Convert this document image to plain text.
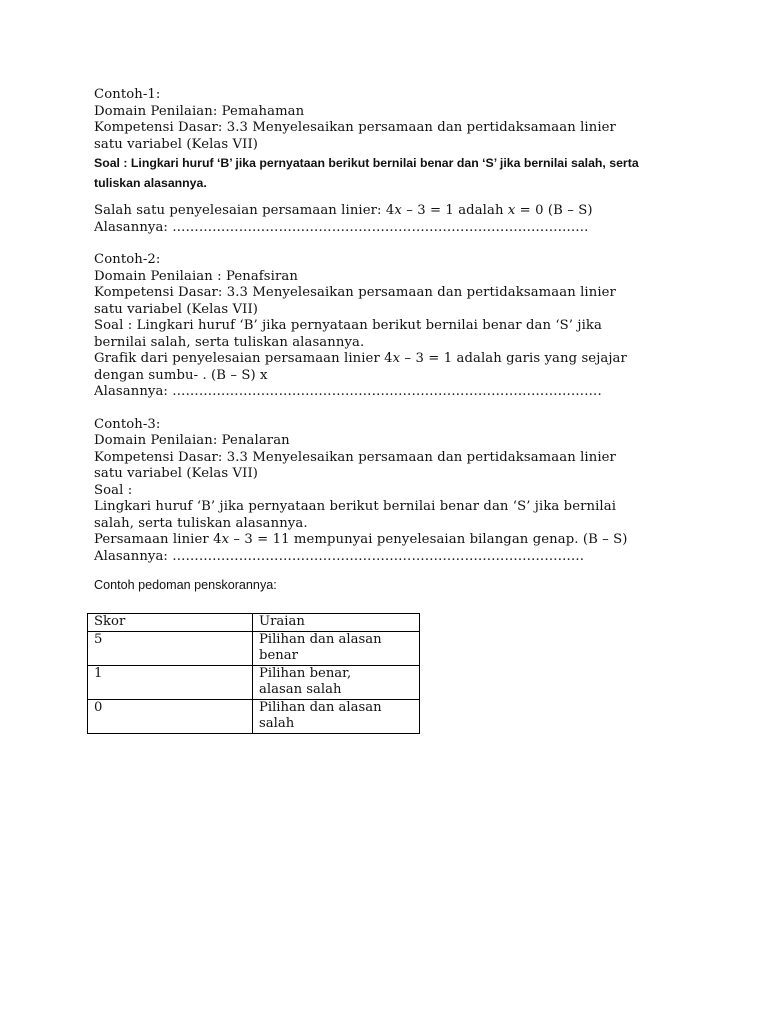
Contoh-1:
Domain Penilaian: Pemahaman
Kompetensi Dasar: 3.3 Menyelesaikan persamaan dan pertidaksamaan linier
satu variabel (Kelas VII)
Soal : Lingkari huruf ‘B’ jika pernyataan berikut bernilai benar dan ‘S’ jika bernilai salah, serta
tuliskan alasannya.
Salah satu penyelesaian persamaan linier: 4x – 3 = 1 adalah x = 0 (B – S)
Alasannya: ………………………………………………………………………………….
Contoh-2:
Domain Penilaian : Penafsiran
Kompetensi Dasar: 3.3 Menyelesaikan persamaan dan pertidaksamaan linier
satu variabel (Kelas VII)
Soal : Lingkari huruf ‘B’ jika pernyataan berikut bernilai benar dan ‘S’ jika
bernilai salah, serta tuliskan alasannya.
Grafik dari penyelesaian persamaan linier 4x – 3 = 1 adalah garis yang sejajar
dengan sumbu- . (B – S) x
Alasannya: …………………………………………………………………………………….
Contoh-3:
Domain Penilaian: Penalaran
Kompetensi Dasar: 3.3 Menyelesaikan persamaan dan pertidaksamaan linier
satu variabel (Kelas VII)
Soal :
Lingkari huruf ‘B’ jika pernyataan berikut bernilai benar dan ‘S’ jika bernilai
salah, serta tuliskan alasannya.
Persamaan linier 4x – 3 = 11 mempunyai penyelesaian bilangan genap. (B – S)
Alasannya: …………………………………………………………………………………
Contoh pedoman penskorannya:
Skor	Uraian
5	Pilihan dan alasan
benar

1	Pilihan benar,
alasan salah

0	Pilihan dan alasan
salah
